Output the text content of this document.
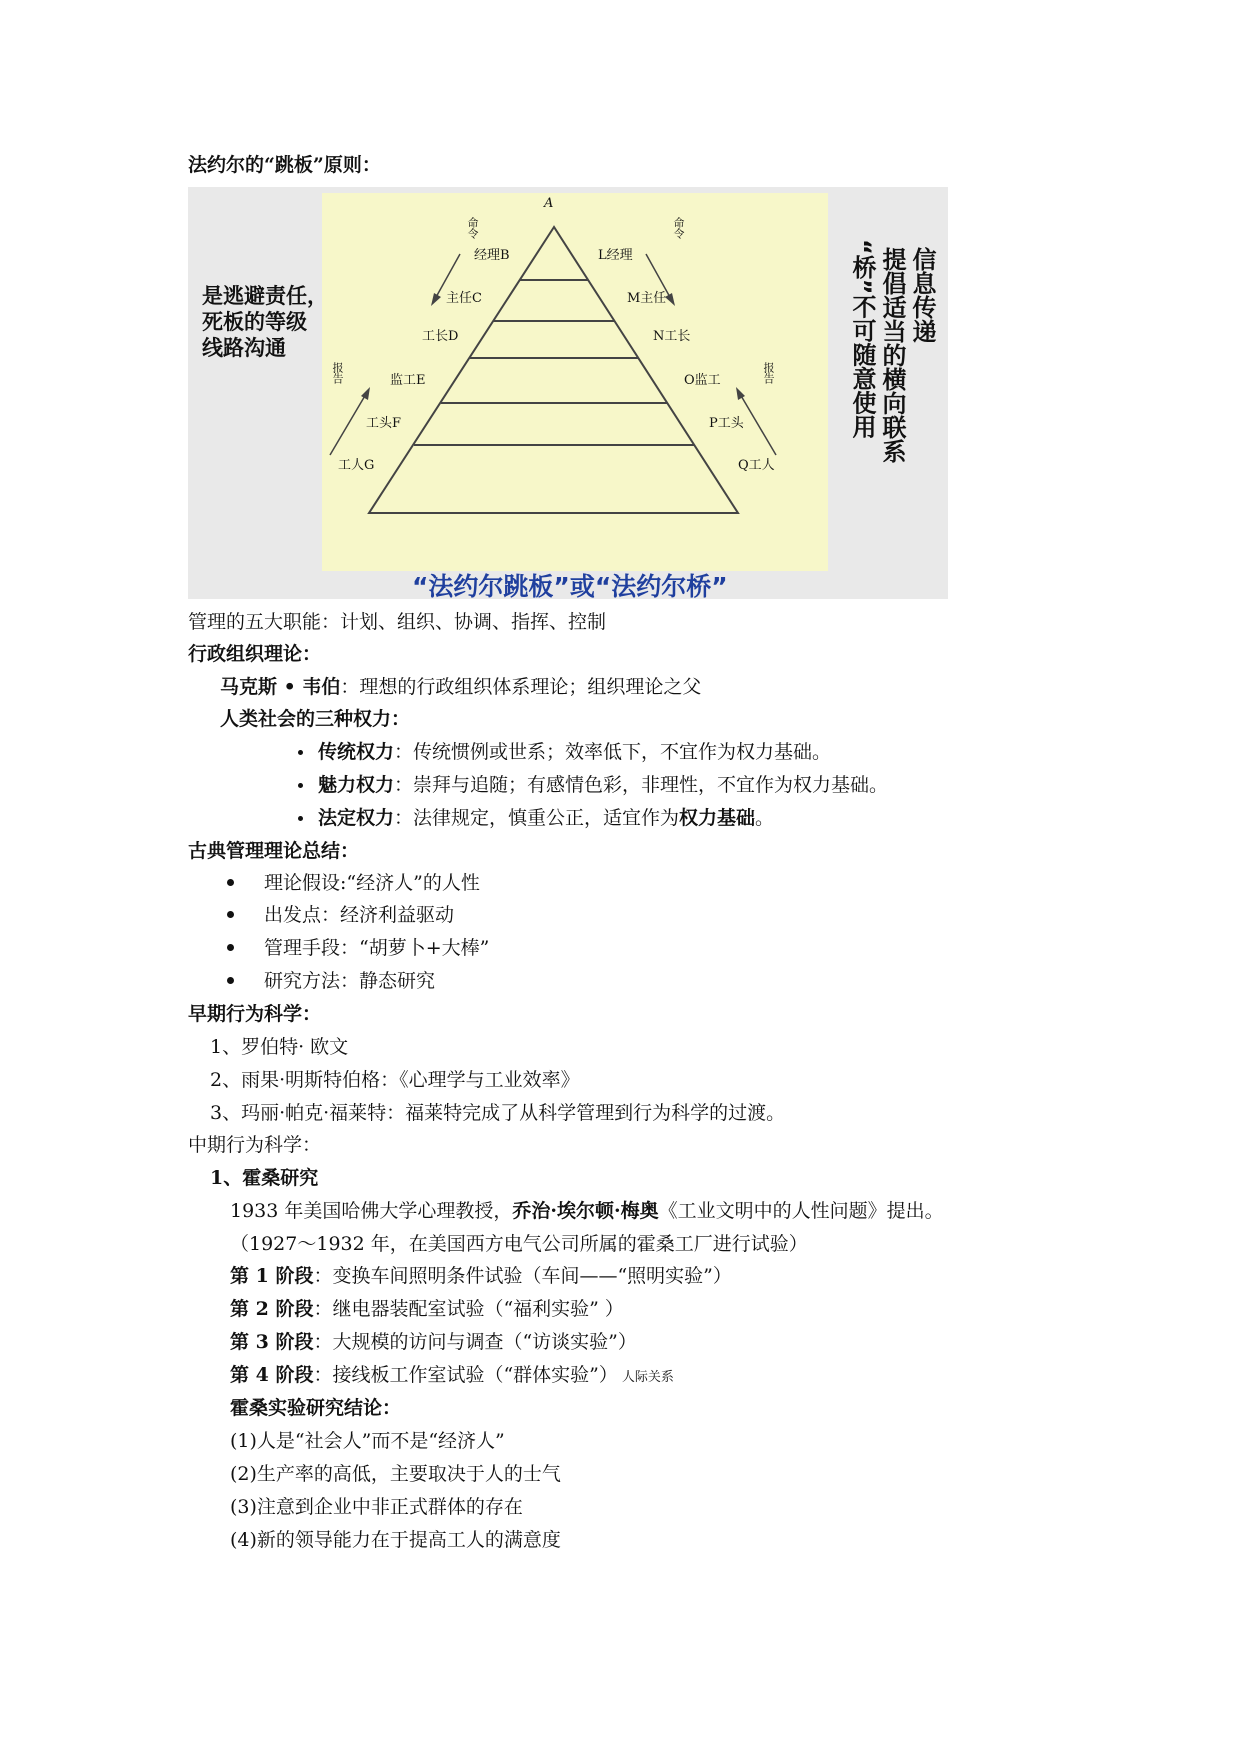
法约尔的“跳板”原则：
A
经理B
主任C
工长D
监工E
工头F
工人G
L经理
M主任
N工长
O监工
P工头
Q工人
命令	命令
报告	报告
是逃避责任，
死板的等级
线路沟通
信息传递
提倡适当的横向联系
“桥”不可随意使用
“法约尔跳板”或“法约尔桥”
管理的五大职能：计划、组织、协调、指挥、控制
行政组织理论：
马克斯 • 韦伯：理想的行政组织体系理论；组织理论之父
人类社会的三种权力：
传统权力：传统惯例或世系；效率低下，不宜作为权力基础。
魅力权力：崇拜与追随；有感情色彩，非理性，不宜作为权力基础。
法定权力：法律规定，慎重公正，适宜作为权力基础。
古典管理理论总结：
理论假设:“经济人”的人性
出发点：经济利益驱动
管理手段：“胡萝卜+大棒”
研究方法：静态研究
早期行为科学：
1、罗伯特· 欧文
2、雨果·明斯特伯格：《心理学与工业效率》
3、玛丽·帕克·福莱特：福莱特完成了从科学管理到行为科学的过渡。
中期行为科学：
1、霍桑研究
1933 年美国哈佛大学心理教授，乔治·埃尔顿·梅奥《工业文明中的人性问题》提出。
（1927～1932 年，在美国西方电气公司所属的霍桑工厂进行试验）
第 1 阶段：变换车间照明条件试验（车间——“照明实验”）
第 2 阶段：继电器装配室试验（“福利实验” ）
第 3 阶段：大规模的访问与调查（“访谈实验”）
第 4 阶段：接线板工作室试验（“群体实验”） 人际关系
霍桑实验研究结论：
(1)人是“社会人”而不是“经济人”
(2)生产率的高低，主要取决于人的士气
(3)注意到企业中非正式群体的存在
(4)新的领导能力在于提高工人的满意度
